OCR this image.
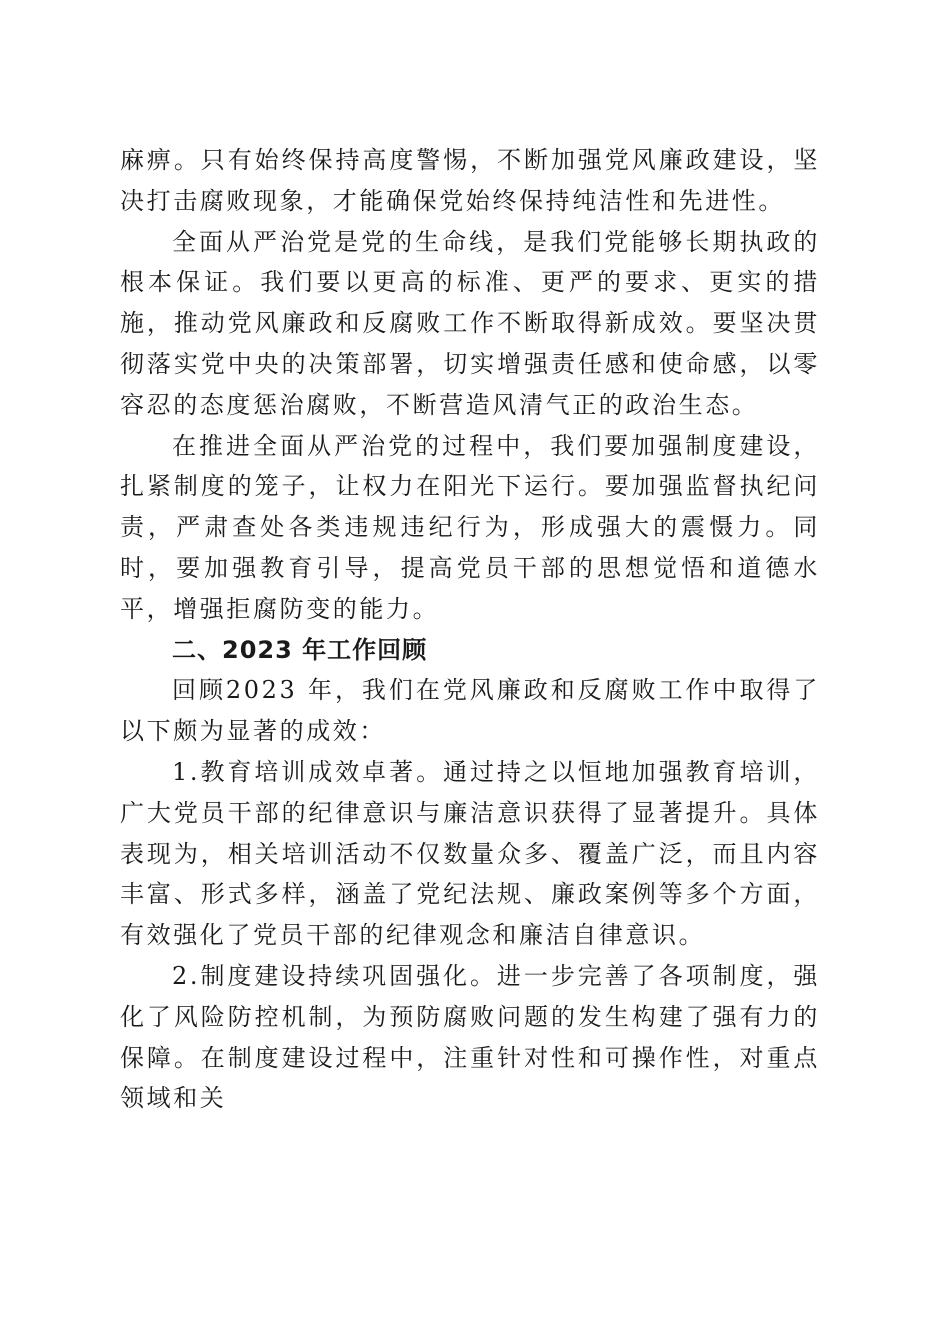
麻痹。只有始终保持高度警惕，不断加强党风廉政建设，坚决打击腐败现象，才能确保党始终保持纯洁性和先进性。

全面从严治党是党的生命线，是我们党能够长期执政的根本保证。我们要以更高的标准、更严的要求、更实的措施，推动党风廉政和反腐败工作不断取得新成效。要坚决贯彻落实党中央的决策部署，切实增强责任感和使命感，以零容忍的态度惩治腐败，不断营造风清气正的政治生态。

在推进全面从严治党的过程中，我们要加强制度建设，扎紧制度的笼子，让权力在阳光下运行。要加强监督执纪问责，严肃查处各类违规违纪行为，形成强大的震慑力。同时，要加强教育引导，提高党员干部的思想觉悟和道德水平，增强拒腐防变的能力。

二、2023 年工作回顾

回顾2023 年，我们在党风廉政和反腐败工作中取得了以下颇为显著的成效：

1.教育培训成效卓著。通过持之以恒地加强教育培训，广大党员干部的纪律意识与廉洁意识获得了显著提升。具体表现为，相关培训活动不仅数量众多、覆盖广泛，而且内容丰富、形式多样，涵盖了党纪法规、廉政案例等多个方面，有效强化了党员干部的纪律观念和廉洁自律意识。

2.制度建设持续巩固强化。进一步完善了各项制度，强化了风险防控机制，为预防腐败问题的发生构建了强有力的保障。在制度建设过程中，注重针对性和可操作性，对重点领域和关
